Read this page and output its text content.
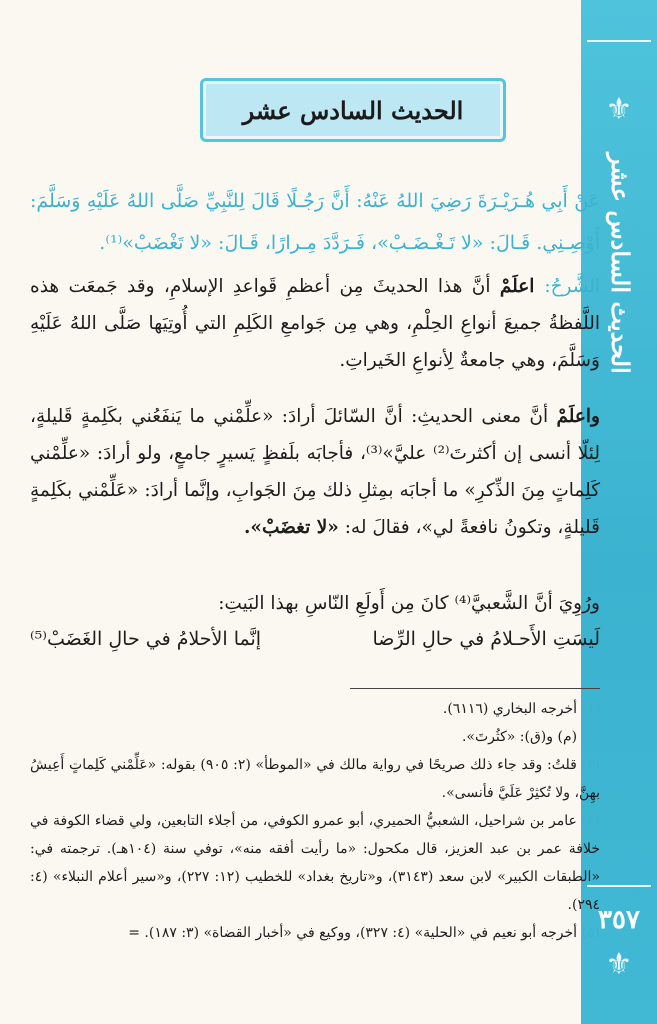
⚜
الحديث السادس عشر
٣٥٧
⚜
الحديث السادس عشر
عَنْ أَبِي هُـرَيْـرَةَ رَضِيَ اللهُ عَنْهُ: أَنَّ رَجُـلًا قَالَ لِلنَّبِيِّ صَلَّى اللهُ عَلَيْهِ وَسَلَّمَ: أَوْصِـنِي. قَـالَ: «لا تَـغْـضَـبْ»، فَـرَدَّدَ مِـرارًا، قَـالَ: «لا تَغْضَبْ»⁽¹⁾.
الشَّرحُ: اعلَمْ أنَّ هذا الحديثَ مِن أعظمِ قَواعدِ الإسلامِ، وقد جَمعَت هذه اللَّفظةُ جميعَ أنواعِ الحِلْمِ، وهي مِن جَوامعِ الكَلِمِ التي أُوتِيَها صَلَّى اللهُ عَلَيْهِ وَسَلَّمَ، وهي جامعةٌ لِأنواعِ الخَيراتِ.
واعلَمْ أنَّ معنى الحديثِ: أنَّ السّائلَ أرادَ: «علِّمْني ما يَنفَعُني بكَلِمةٍ قَليلةٍ، لِئلّا أنسى إن أكثرتَ⁽²⁾ عليَّ»⁽³⁾، فأجابَه بلَفظٍ يَسيرٍ جامعٍ، ولو أرادَ: «علِّمْني كَلِماتٍ مِنَ الذِّكرِ» ما أجابَه بمِثلِ ذلك مِنَ الجَوابِ، وإنَّما أرادَ: «عَلِّمْني بكَلِمةٍ قَليلةٍ، وتكونُ نافعةً لي»، فقالَ له: «لا تغضَبْ».
ورُوِيَ أنَّ الشَّعبيَّ⁽⁴⁾ كانَ مِن أَولَعِ النّاسِ بهذا البَيتِ:
لَيسَتِ الأَحـلامُ في حالِ الرِّضا
إنَّما الأحلامُ في حالِ الغَضَبْ⁽⁵⁾
(١) أخرجه البخاري (٦١١٦).
(٢) (م) و(ق): «كثُرتَ».
(٣) قلتُ: وقد جاء ذلك صريحًا في رواية مالك في «الموطأ» (٢: ٩٠٥) بقوله: «عَلِّمْني كَلِماتٍ أَعِيشُ بهِنَّ، ولا تُكثِرْ عَلَيَّ فأنسى».
(٤) عامر بن شراحيل، الشعبيُّ الحميري، أبو عمرو الكوفي، من أجلاء التابعين، ولي قضاء الكوفة في خلافة عمر بن عبد العزيز، قال مكحول: «ما رأيت أفقه منه»، توفي سنة (١٠٤هـ). ترجمته في: «الطبقات الكبير» لابن سعد (٣١٤٣)، و«تاريخ بغداد» للخطيب (١٢: ٢٢٧)، و«سير أعلام النبلاء» (٤: ٢٩٤).
(٥) أخرجه أبو نعيم في «الحلية» (٤: ٣٢٧)، ووكيع في «أخبار القضاة» (٣: ١٨٧). =
